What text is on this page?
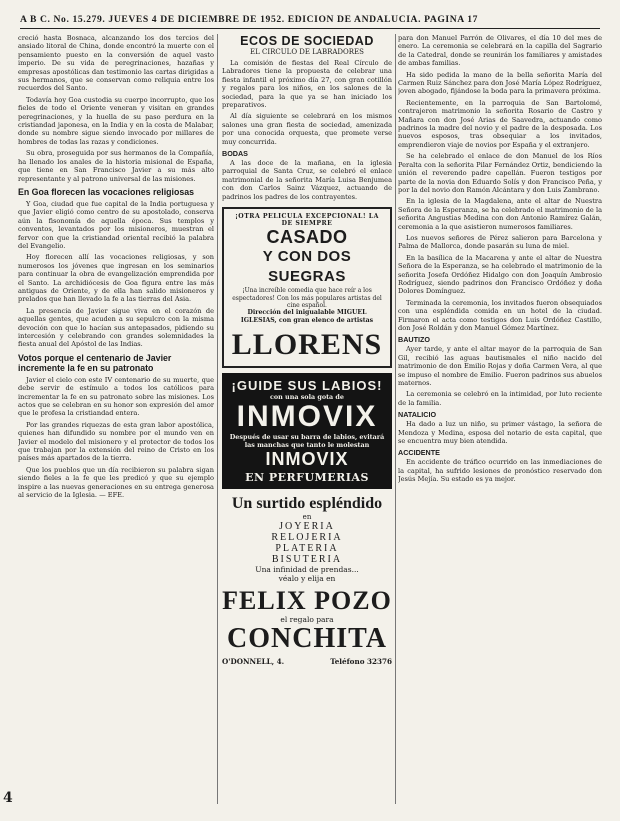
A B C. No. 15.279. JUEVES 4 DE DICIEMBRE DE 1952. EDICION DE ANDALUCIA. PAGINA 17

creció hasta Bosnaca, alcanzando los dos tercios del ansiado litoral de China, donde encontró la muerte con el pensamiento puesto en la conversión de aquel vasto imperio. De su vida de peregrinaciones, hazañas y empresas apostólicas dan testimonio las cartas dirigidas a sus hermanos, que se conservan como reliquia entre los recuerdos del Santo.

Todavía hoy Goa custodia su cuerpo incorrupto, que los fieles de todo el Oriente veneran y visitan en grandes peregrinaciones, y la huella de su paso perdura en la cristiandad japonesa, en la India y en la costa de Malabar, donde su nombre sigue siendo invocado por millares de hombres de todas las razas y condiciones.

Su obra, proseguida por sus hermanos de la Compañía, ha llenado los anales de la historia misional de España, que tiene en San Francisco Javier a su más alto representante y al patrono universal de las misiones.

En Goa florecen las vocaciones religiosas

Y Goa, ciudad que fue capital de la India portuguesa y que Javier eligió como centro de su apostolado, conserva aún la fisonomía de aquella época. Sus templos y conventos, levantados por los misioneros, muestran el fervor con que la cristiandad oriental recibió la palabra del Evangelio.

Hoy florecen allí las vocaciones religiosas, y son numerosos los jóvenes que ingresan en los seminarios para continuar la obra de evangelización emprendida por el Santo. La archidiócesis de Goa figura entre las más antiguas de Oriente, y de ella han salido misioneros y prelados que han llevado la fe a las tierras del Asia.

La presencia de Javier sigue viva en el corazón de aquellas gentes, que acuden a su sepulcro con la misma devoción con que lo hacían sus antepasados, pidiendo su intercesión y celebrando con grandes solemnidades la fiesta anual del Apóstol de las Indias.

Votos porque el centenario de Javier incremente la fe en su patronato

Javier el cielo con este IV centenario de su muerte, que debe servir de estímulo a todos los católicos para incrementar la fe en su patronato sobre las misiones. Los actos que se celebran en su honor son expresión del amor que le profesa la cristiandad entera.

Por las grandes riquezas de esta gran labor apostólica, quienes han difundido su nombre por el mundo ven en Javier el modelo del misionero y el protector de todos los que trabajan por la extensión del reino de Cristo en los países más apartados de la tierra.

Que los pueblos que un día recibieron su palabra sigan siendo fieles a la fe que les predicó y que su ejemplo inspire a las nuevas generaciones en su entrega generosa al servicio de la Iglesia. — EFE.

ECOS DE SOCIEDAD
EL CIRCULO DE LABRADORES

La comisión de fiestas del Real Círculo de Labradores tiene la propuesta de celebrar una fiesta infantil el próximo día 27, con gran cotillón y regalos para los niños, en los salones de la sociedad, para la que ya se han iniciado los preparativos.

Al día siguiente se celebrará en los mismos salones una gran fiesta de sociedad, amenizada por una conocida orquesta, que promete verse muy concurrida.

BODAS

A las doce de la mañana, en la iglesia parroquial de Santa Cruz, se celebró el enlace matrimonial de la señorita María Luisa Benjumea con don Carlos Sainz Vázquez, actuando de padrinos los padres de los contrayentes.

¡OTRA PELICULA EXCEPCIONAL! LA DE SIEMPRE
CASADO
Y CON DOS SUEGRAS
¡Una increíble comedia que hace reír a los espectadores! Con los más populares artistas del cine español.
Dirección del inigualable MIGUEL IGLESIAS, con gran elenco de artistas
LLORENS
¡GUIDE SUS LABIOS!
con una sola gota de
INMOVIX
Después de usar su barra de labios, evitará las manchas que tanto le molestan
INMOVIX
EN PERFUMERIAS
Un surtido espléndido
en
JOYERIA
RELOJERIA
PLATERIA
BISUTERIA
Una infinidad de prendas...
véalo y elija en
FELIX POZO
el regalo para
CONCHITA
O'DONNELL, 4.	Teléfono 32376

para don Manuel Parrón de Olivares, el día 10 del mes de enero. La ceremonia se celebrará en la capilla del Sagrario de la Catedral, donde se reunirán los familiares y amistades de ambas familias.

Ha sido pedida la mano de la bella señorita María del Carmen Ruiz Sánchez para don José María López Rodríguez, joven abogado, fijándose la boda para la primavera próxima.

Recientemente, en la parroquia de San Bartolomé, contrajeron matrimonio la señorita Rosario de Castro y Mañara con don José Arias de Saavedra, actuando como padrinos la madre del novio y el padre de la desposada. Los nuevos esposos, tras obsequiar a los invitados, emprendieron viaje de novios por España y el extranjero.

Se ha celebrado el enlace de don Manuel de los Ríos Peralta con la señorita Pilar Fernández Ortiz, bendiciendo la unión el reverendo padre capellán. Fueron testigos por parte de la novia don Eduardo Solís y don Francisco Peña, y por la del novio don Ramón Alcántara y don Luis Zambrano.

En la iglesia de la Magdalena, ante el altar de Nuestra Señora de la Esperanza, se ha celebrado el matrimonio de la señorita Angustias Medina con don Antonio Ramírez Galán, ceremonia a la que asistieron numerosos familiares.

Los nuevos señores de Pérez salieron para Barcelona y Palma de Mallorca, donde pasarán su luna de miel.

En la basílica de la Macarena y ante el altar de Nuestra Señora de la Esperanza, se ha celebrado el matrimonio de la señorita Josefa Ordóñez Hidalgo con don Joaquín Ambrosio Rodríguez, siendo padrinos don Francisco Ordóñez y doña Dolores Domínguez.

Terminada la ceremonia, los invitados fueron obsequiados con una espléndida comida en un hotel de la ciudad. Firmaron el acta como testigos don Luis Ordóñez Castillo, don José Roldán y don Manuel Gómez Martínez.

BAUTIZO

Ayer tarde, y ante el altar mayor de la parroquia de San Gil, recibió las aguas bautismales el niño nacido del matrimonio de don Emilio Rojas y doña Carmen Vera, al que se impuso el nombre de Emilio. Fueron padrinos sus abuelos maternos.

La ceremonia se celebró en la intimidad, por luto reciente de la familia.

NATALICIO

Ha dado a luz un niño, su primer vástago, la señora de Mendoza y Medina, esposa del notario de esta capital, que se encuentra muy bien atendida.

ACCIDENTE

En accidente de tráfico ocurrido en las inmediaciones de la capital, ha sufrido lesiones de pronóstico reservado don Jesús Mejía. Su estado es ya mejor.

4
